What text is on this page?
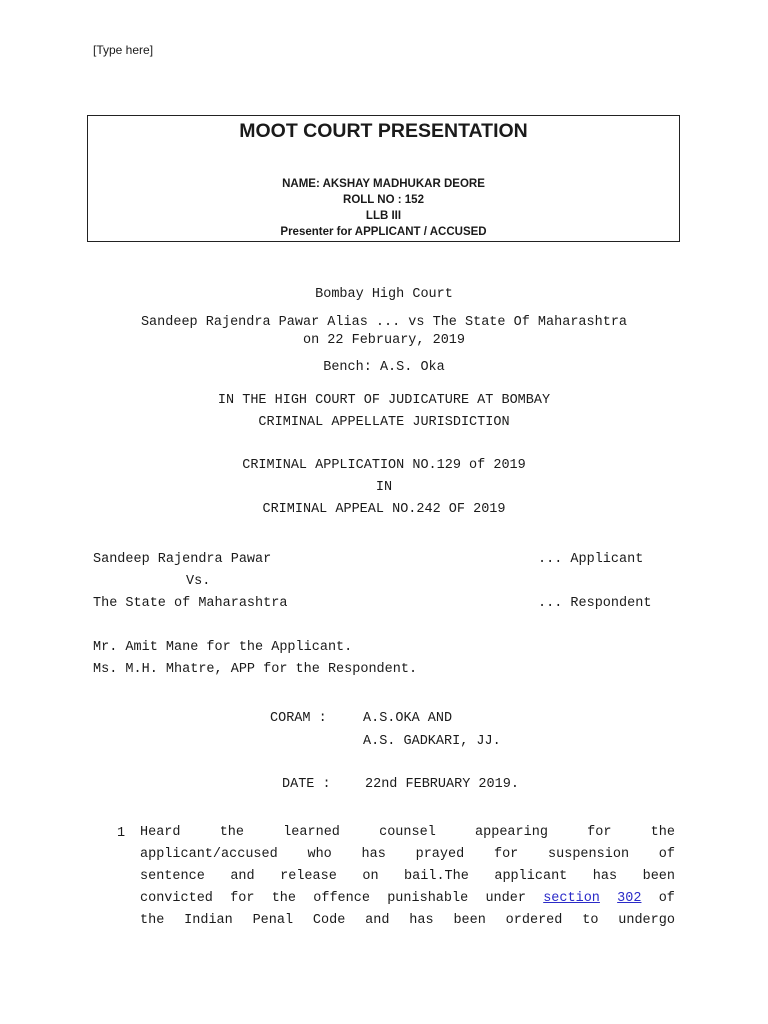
[Type here]
MOOT COURT PRESENTATION
NAME: AKSHAY MADHUKAR DEORE
ROLL NO : 152
LLB III
Presenter for APPLICANT / ACCUSED
Bombay High Court
Sandeep Rajendra Pawar Alias ... vs The State Of Maharashtra
on 22 February, 2019
Bench: A.S. Oka
IN THE HIGH COURT OF JUDICATURE AT BOMBAY
CRIMINAL APPELLATE JURISDICTION
CRIMINAL APPLICATION NO.129 of 2019
IN
CRIMINAL APPEAL NO.242 OF 2019
Sandeep Rajendra Pawar	... Applicant
Vs.
The State of Maharashtra	... Respondent
Mr. Amit Mane for the Applicant.
Ms. M.H. Mhatre, APP for the Respondent.
CORAM :	A.S.OKA AND
A.S. GADKARI, JJ.
DATE :	22nd FEBRUARY 2019.
1 Heard	the	learned	counsel	appearing	for	the
applicant/accused who has prayed for suspension of
sentence and release on bail.The applicant has been
convicted for the offence punishable under section 302 of
the Indian Penal Code and has been ordered to undergo
